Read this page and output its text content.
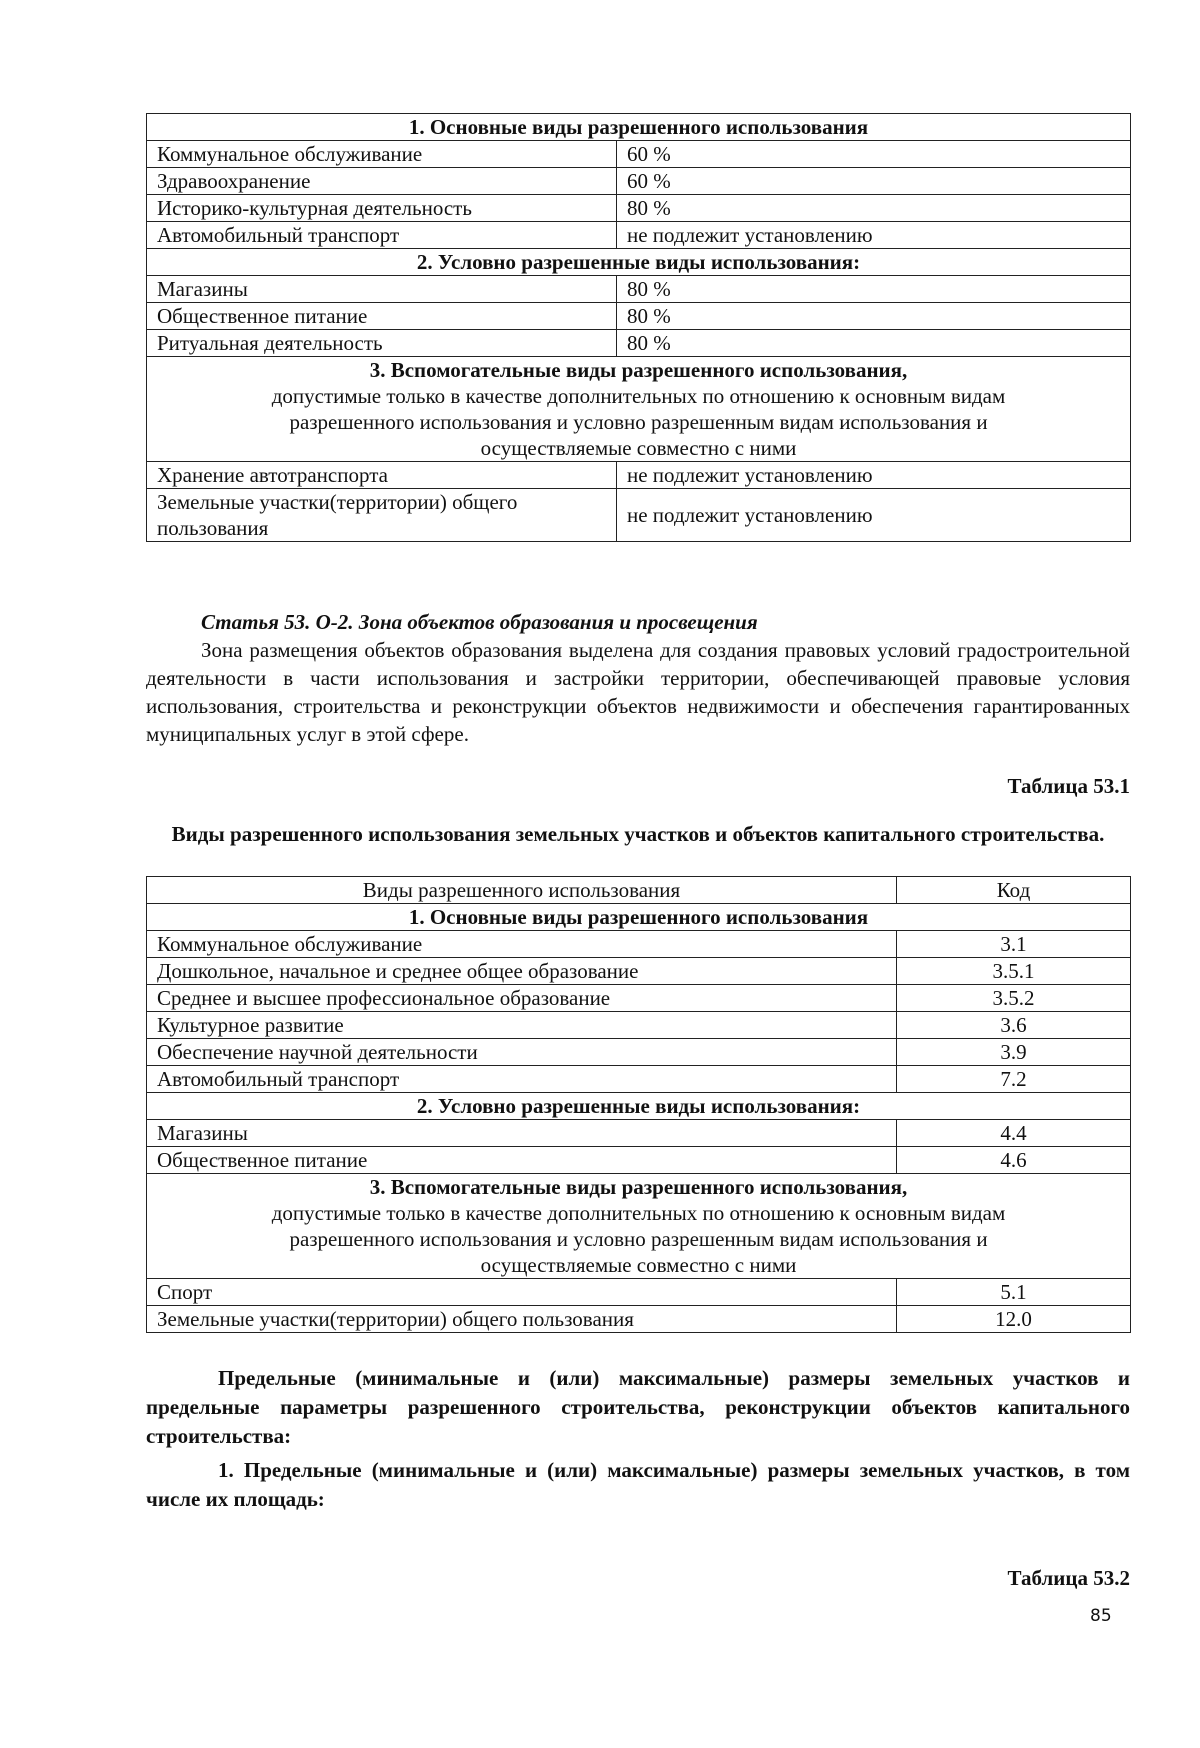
1. Основные виды разрешенного использования	
Коммунальное обслуживание	60 %
Здравоохранение	60 %
Историко-культурная деятельность	80 %
Автомобильный транспорт	не подлежит установлению
2. Условно разрешенные виды использования:	
Магазины	80 %
Общественное питание	80 %
Ритуальная деятельность	80 %

3. Вспомогательные виды разрешенного использования,
допустимые только в качестве дополнительных по отношению к основным видам
разрешенного использования и условно разрешенным видам использования и
осуществляемые совместно с ними	

Хранение автотранспорта	не подлежит установлению
Земельные участки(территории) общего пользования	не подлежит установлению
Статья 53. О-2. Зона объектов образования и просвещения
Зона размещения объектов образования выделена для создания правовых условий градостроительной деятельности в части использования и застройки территории, обеспечивающей правовые условия использования, строительства и реконструкции объектов недвижимости и обеспечения гарантированных муниципальных услуг в этой сфере.
Таблица 53.1
Виды разрешенного использования земельных участков и объектов капитального строительства.
Виды разрешенного использования	Код
1. Основные виды разрешенного использования	
Коммунальное обслуживание	3.1
Дошкольное, начальное и среднее общее образование	3.5.1
Среднее и высшее профессиональное образование	3.5.2
Культурное развитие	3.6
Обеспечение научной деятельности	3.9
Автомобильный транспорт	7.2
2. Условно разрешенные виды использования:	
Магазины	4.4
Общественное питание	4.6

3. Вспомогательные виды разрешенного использования,
допустимые только в качестве дополнительных по отношению к основным видам
разрешенного использования и условно разрешенным видам использования и
осуществляемые совместно с ними	

Спорт	5.1
Земельные участки(территории) общего пользования	12.0
Предельные (минимальные и (или) максимальные) размеры земельных участков и предельные параметры разрешенного строительства, реконструкции объектов капитального строительства:
1. Предельные (минимальные и (или) максимальные) размеры земельных участков, в том числе их площадь:
Таблица 53.2
85
